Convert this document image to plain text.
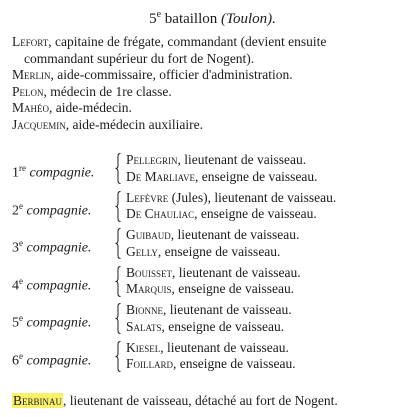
5e bataillon (Toulon).
Lefort, capitaine de frégate, commandant (devient ensuite
commandant supérieur du fort de Nogent).
Merlin, aide-commissaire, officier d'administration.
Pelon, médecin de 1re classe.
Mahéo, aide-médecin.
Jacquemin, aide-médecin auxiliaire.
1re compagnie.
Pellegrin, lieutenant de vaisseau.
De Marliave, enseigne de vaisseau.
2e compagnie.
Lefèvre (Jules), lieutenant de vaisseau.
De Chauliac, enseigne de vaisseau.
3e compagnie.
Guibaud, lieutenant de vaisseau.
Gelly, enseigne de vaisseau.
4e compagnie.
Bouisset, lieutenant de vaisseau.
Marquis, enseigne de vaisseau.
5e compagnie.
Bionne, lieutenant de vaisseau.
Salats, enseigne de vaisseau.
6e compagnie.
Kiesel, lieutenant de vaisseau.
Foillard, enseigne de vaisseau.
Berbinau, lieutenant de vaisseau, détaché au fort de Nogent.
